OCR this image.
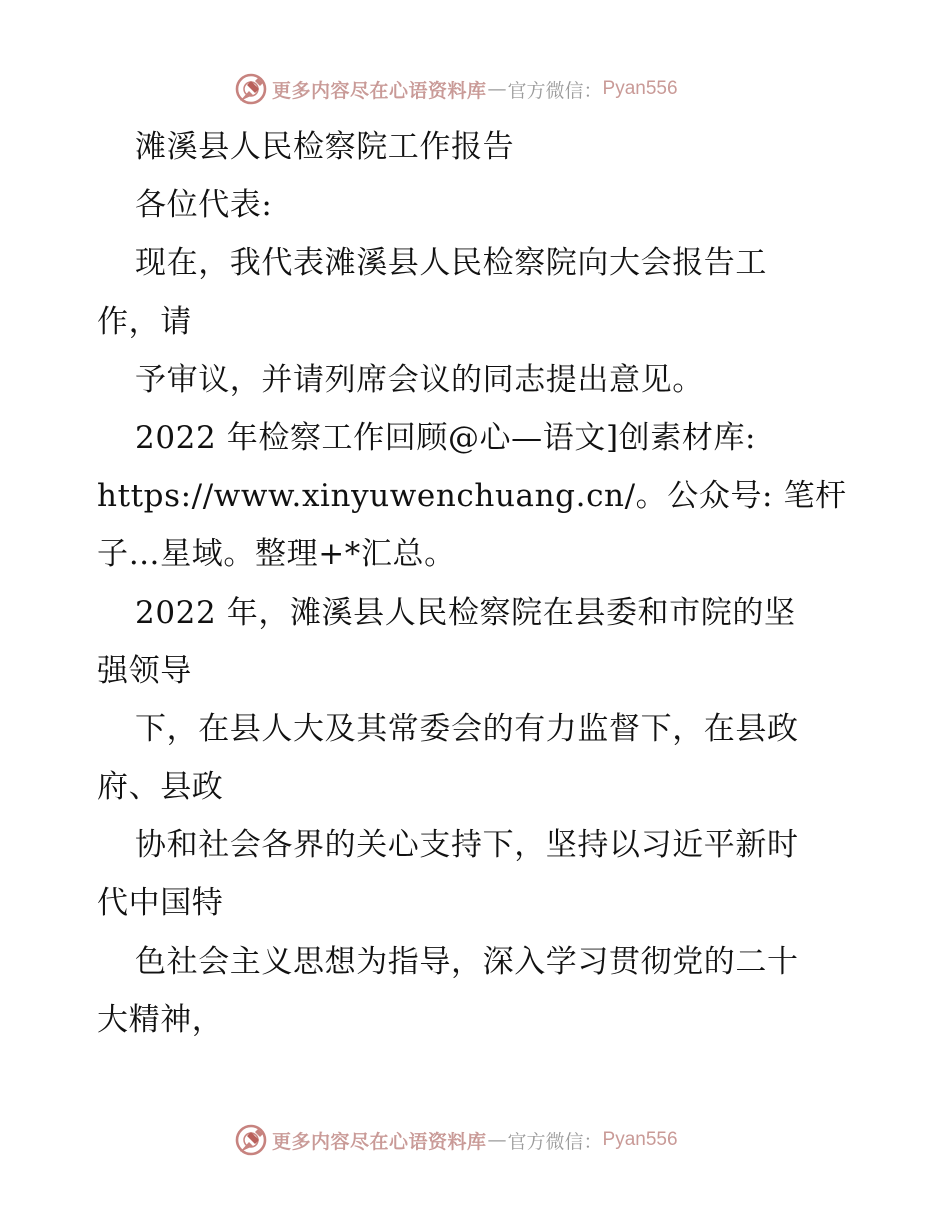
更多内容尽在心语资料库 — 官方微信： Pyan556
滩溪县人民检察院工作报告
各位代表:
现在，我代表滩溪县人民检察院向大会报告工
作，请
予审议，并请列席会议的同志提出意见。
2022 年检察工作回顾@心—语文]创素材库:
https://www.xinyuwenchuang.cn/。公众号: 笔杆
子…星域。整理+*汇总。
2022 年，滩溪县人民检察院在县委和市院的坚
强领导
下，在县人大及其常委会的有力监督下，在县政
府、县政
协和社会各界的关心支持下，坚持以习近平新时
代中国特
色社会主义思想为指导，深入学习贯彻党的二十
大精神，
更多内容尽在心语资料库 — 官方微信： Pyan556
